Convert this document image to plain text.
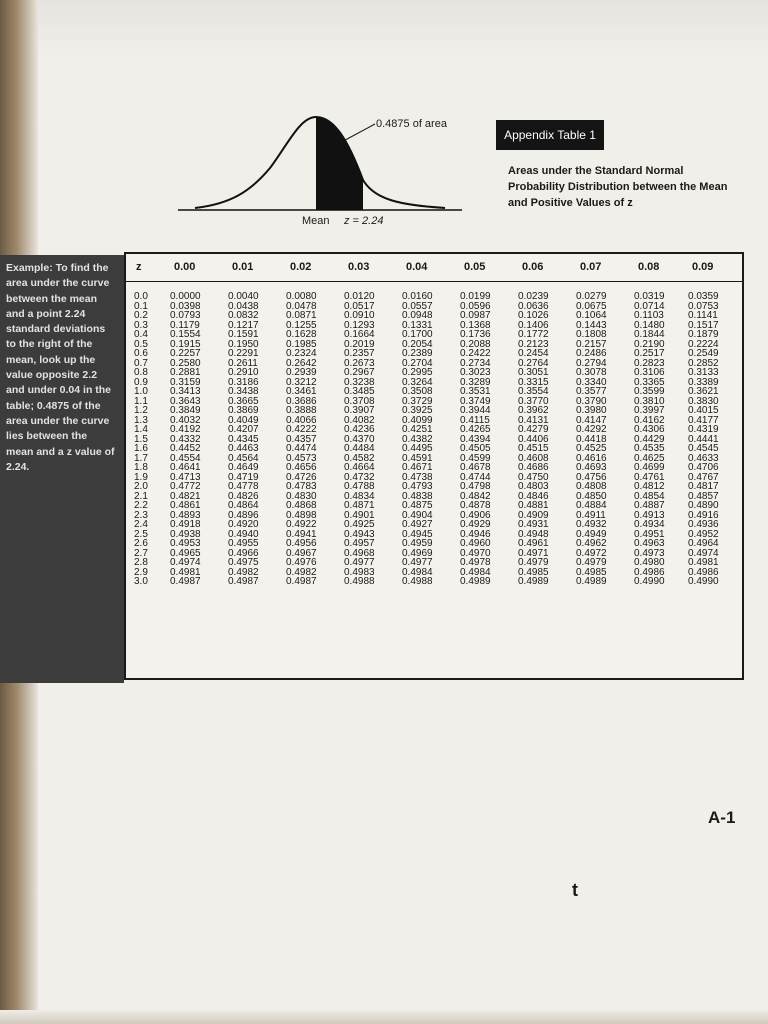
0.4875 of area
Mean z = 2.24
Appendix Table 1
Areas under the Standard Normal Probability Distribution between the Mean and Positive Values of z
Example: To find the area under the curve between the mean and a point 2.24 standard deviations to the right of the mean, look up the value opposite 2.2 and under 0.04 in the table; 0.4875 of the area under the curve lies between the mean and a z value of 2.24.
z	0.00	0.01	0.02	0.03	0.04	0.05	0.06	0.07	0.08	0.09
0.0 0.0000	0.0040	0.0080	0.0120	0.0160	0.0199	0.0239	0.0279	0.0319 0.0359
0.1 0.0398	0.0438	0.0478	0.0517	0.0557	0.0596	0.0636	0.0675	0.0714 0.0753
0.2 0.0793	0.0832	0.0871	0.0910	0.0948	0.0987	0.1026	0.1064	0.1103 0.1141
0.3 0.1179	0.1217	0.1255	0.1293	0.1331	0.1368	0.1406	0.1443	0.1480 0.1517
0.4 0.1554	0.1591	0.1628	0.1664	0.1700	0.1736	0.1772	0.1808	0.1844 0.1879
0.5 0.1915	0.1950	0.1985	0.2019	0.2054	0.2088	0.2123	0.2157	0.2190 0.2224
0.6 0.2257	0.2291	0.2324	0.2357	0.2389	0.2422	0.2454	0.2486	0.2517 0.2549
0.7 0.2580	0.2611	0.2642	0.2673	0.2704	0.2734	0.2764	0.2794	0.2823 0.2852
0.8 0.2881	0.2910	0.2939	0.2967	0.2995	0.3023	0.3051	0.3078	0.3106 0.3133
0.9 0.3159	0.3186	0.3212	0.3238	0.3264	0.3289	0.3315	0.3340	0.3365 0.3389
1.0 0.3413	0.3438	0.3461	0.3485	0.3508	0.3531	0.3554	0.3577	0.3599 0.3621
1.1 0.3643	0.3665	0.3686	0.3708	0.3729	0.3749	0.3770	0.3790	0.3810 0.3830
1.2 0.3849	0.3869	0.3888	0.3907	0.3925	0.3944	0.3962	0.3980	0.3997 0.4015
1.3 0.4032	0.4049	0.4066	0.4082	0.4099	0.4115	0.4131	0.4147	0.4162 0.4177
1.4 0.4192	0.4207	0.4222	0.4236	0.4251	0.4265	0.4279	0.4292	0.4306 0.4319
1.5 0.4332	0.4345	0.4357	0.4370	0.4382	0.4394	0.4406	0.4418	0.4429 0.4441
1.6 0.4452	0.4463	0.4474	0.4484	0.4495	0.4505	0.4515	0.4525	0.4535 0.4545
1.7 0.4554	0.4564	0.4573	0.4582	0.4591	0.4599	0.4608	0.4616	0.4625 0.4633
1.8 0.4641	0.4649	0.4656	0.4664	0.4671	0.4678	0.4686	0.4693	0.4699 0.4706
1.9 0.4713	0.4719	0.4726	0.4732	0.4738	0.4744	0.4750	0.4756	0.4761 0.4767
2.0 0.4772	0.4778	0.4783	0.4788	0.4793	0.4798	0.4803	0.4808	0.4812 0.4817
2.1 0.4821	0.4826	0.4830	0.4834	0.4838	0.4842	0.4846	0.4850	0.4854 0.4857
2.2 0.4861	0.4864	0.4868	0.4871	0.4875	0.4878	0.4881	0.4884	0.4887 0.4890
2.3 0.4893	0.4896	0.4898	0.4901	0.4904	0.4906	0.4909	0.4911	0.4913 0.4916
2.4 0.4918	0.4920	0.4922	0.4925	0.4927	0.4929	0.4931	0.4932	0.4934 0.4936
2.5 0.4938	0.4940	0.4941	0.4943	0.4945	0.4946	0.4948	0.4949	0.4951 0.4952
2.6 0.4953	0.4955	0.4956	0.4957	0.4959	0.4960	0.4961	0.4962	0.4963 0.4964
2.7 0.4965	0.4966	0.4967	0.4968	0.4969	0.4970	0.4971	0.4972	0.4973 0.4974
2.8 0.4974	0.4975	0.4976	0.4977	0.4977	0.4978	0.4979	0.4979	0.4980 0.4981
2.9 0.4981	0.4982	0.4982	0.4983	0.4984	0.4984	0.4985	0.4985	0.4986 0.4986
3.0 0.4987	0.4987	0.4987	0.4988	0.4988	0.4989	0.4989	0.4989	0.4990 0.4990
A-1
t
